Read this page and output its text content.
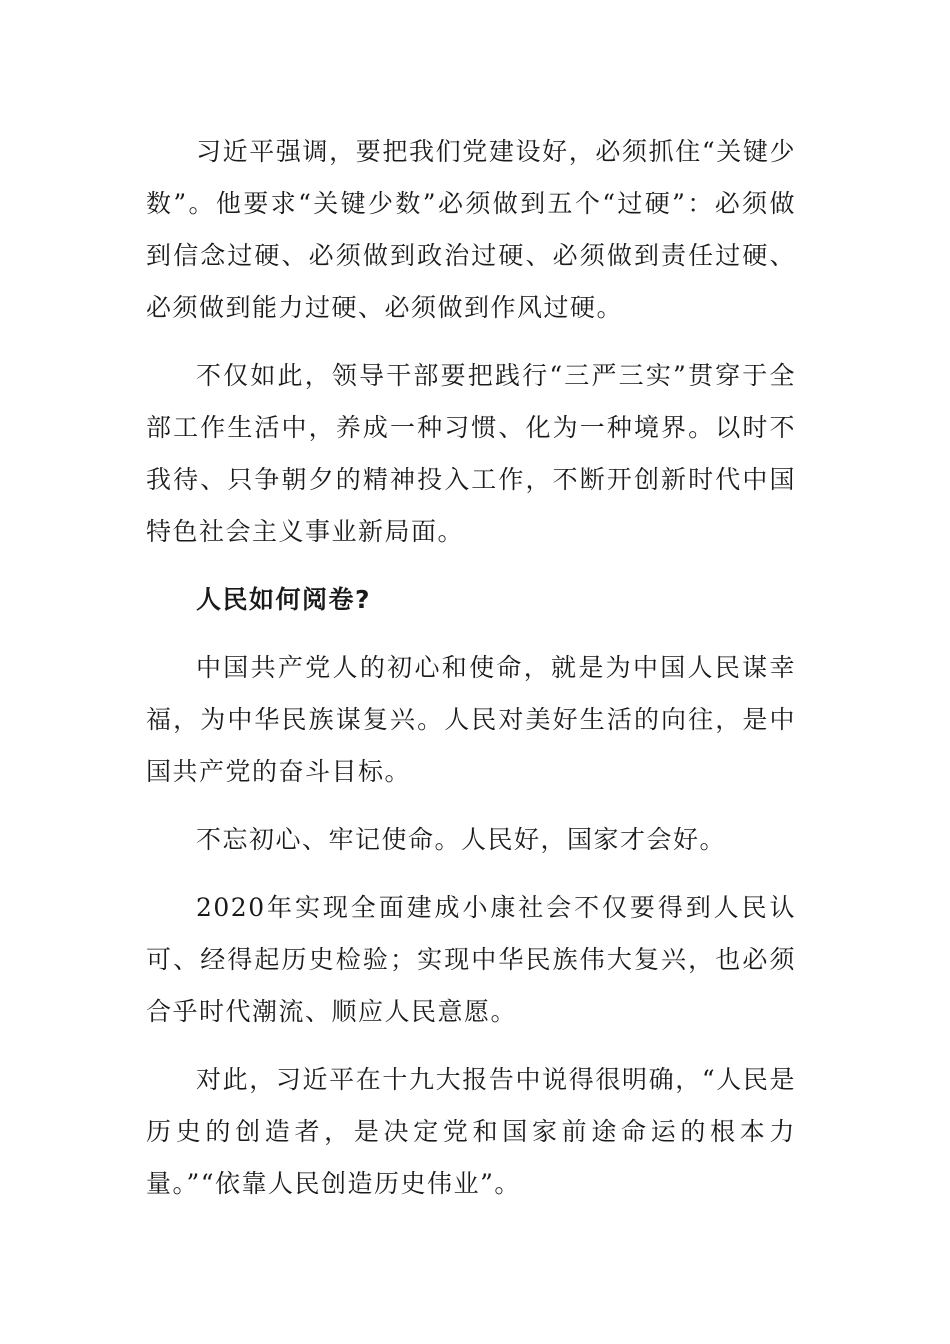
习近平强调，要把我们党建设好，必须抓住“关键少数”。他要求“关键少数”必须做到五个“过硬”：必须做到信念过硬、必须做到政治过硬、必须做到责任过硬、必须做到能力过硬、必须做到作风过硬。

不仅如此，领导干部要把践行“三严三实”贯穿于全部工作生活中，养成一种习惯、化为一种境界。以时不我待、只争朝夕的精神投入工作，不断开创新时代中国特色社会主义事业新局面。

人民如何阅卷?

中国共产党人的初心和使命，就是为中国人民谋幸福，为中华民族谋复兴。人民对美好生活的向往，是中国共产党的奋斗目标。

不忘初心、牢记使命。人民好，国家才会好。

2020年实现全面建成小康社会不仅要得到人民认可、经得起历史检验；实现中华民族伟大复兴，也必须合乎时代潮流、顺应人民意愿。

对此，习近平在十九大报告中说得很明确，“人民是历史的创造者，是决定党和国家前途命运的根本力量。”“依靠人民创造历史伟业”。
